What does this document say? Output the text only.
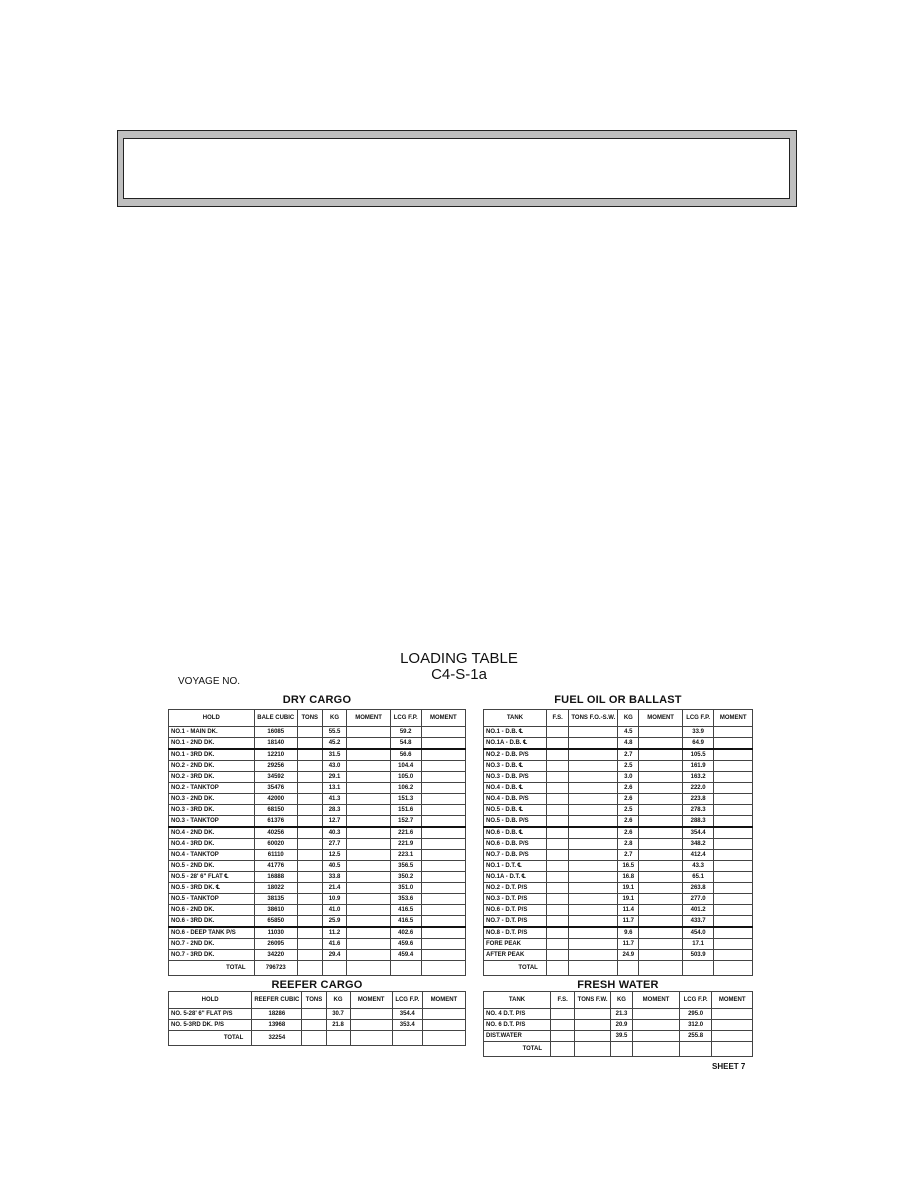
LOADING TABLE
C4-S-1a
VOYAGE NO.
DRY CARGO
HOLD	BALE CUBIC	TONS	KG	MOMENT	LCG F.P.	MOMENT
NO.1 - MAIN DK.	16085		55.5		59.2	
NO.1 - 2ND DK.	18140		45.2		54.8	
NO.1 - 3RD DK.	12210		31.5		56.6	
NO.2 - 2ND DK.	29256		43.0		104.4	
NO.2 - 3RD DK.	34592		29.1		105.0	
NO.2 - TANKTOP	35476		13.1		106.2	
NO.3 - 2ND DK.	42000		41.3		151.3	
NO.3 - 3RD DK.	68150		28.3		151.6	
NO.3 - TANKTOP	61376		12.7		152.7	
NO.4 - 2ND DK.	40256		40.3		221.6	
NO.4 - 3RD DK.	60020		27.7		221.9	
NO.4 - TANKTOP	61110		12.5		223.1	
NO.5 - 2ND DK.	41776		40.5		356.5	
NO.5 - 28' 6" FLAT ℄	16888		33.8		350.2	
NO.5 - 3RD DK. ℄	18022		21.4		351.0	
NO.5 - TANKTOP	38135		10.9		353.6	
NO.6 - 2ND DK.	38610		41.0		416.5	
NO.6 - 3RD DK.	65850		25.9		416.5	
NO.6 - DEEP TANK P/S	11030		11.2		402.6	
NO.7 - 2ND DK.	26095		41.6		459.6	
NO.7 - 3RD DK.	34220		29.4		459.4	
TOTAL	796723					
FUEL OIL OR BALLAST
TANK	F.S.	TONS F.O.-S.W.	KG	MOMENT	LCG F.P.	MOMENT
NO.1 - D.B. ℄			4.5		33.9	
NO.1A - D.B. ℄			4.8		64.9	
NO.2 - D.B. P/S			2.7		105.5	
NO.3 - D.B. ℄			2.5		161.9	
NO.3 - D.B. P/S			3.0		163.2	
NO.4 - D.B. ℄			2.6		222.0	
NO.4 - D.B. P/S			2.6		223.8	
NO.5 - D.B. ℄			2.5		278.3	
NO.5 - D.B. P/S			2.6		288.3	
NO.6 - D.B. ℄			2.6		354.4	
NO.6 - D.B. P/S			2.8		348.2	
NO.7 - D.B. P/S			2.7		412.4	
NO.1 - D.T. ℄			16.5		43.3	
NO.1A - D.T. ℄			16.8		65.1	
NO.2 - D.T. P/S			19.1		263.8	
NO.3 - D.T. P/S			19.1		277.0	
NO.6 - D.T. P/S			11.4		401.2	
NO.7 - D.T. P/S			11.7		433.7	
NO.8 - D.T. P/S			9.6		454.0	
FORE PEAK			11.7		17.1	
AFTER PEAK			24.9		503.9	
TOTAL						
REEFER CARGO
HOLD	REEFER CUBIC	TONS	KG	MOMENT	LCG F.P.	MOMENT
NO. 5-28' 6" FLAT P/S	18286		30.7		354.4	
NO. 5-3RD DK. P/S	13968		21.8		353.4	
TOTAL	32254					
FRESH WATER
TANK	F.S.	TONS F.W.	KG	MOMENT	LCG F.P.	MOMENT
NO. 4 D.T. P/S			21.3		295.0	
NO. 6 D.T. P/S			20.9		312.0	
DIST.WATER			39.5		255.8	
TOTAL						
SHEET 7
